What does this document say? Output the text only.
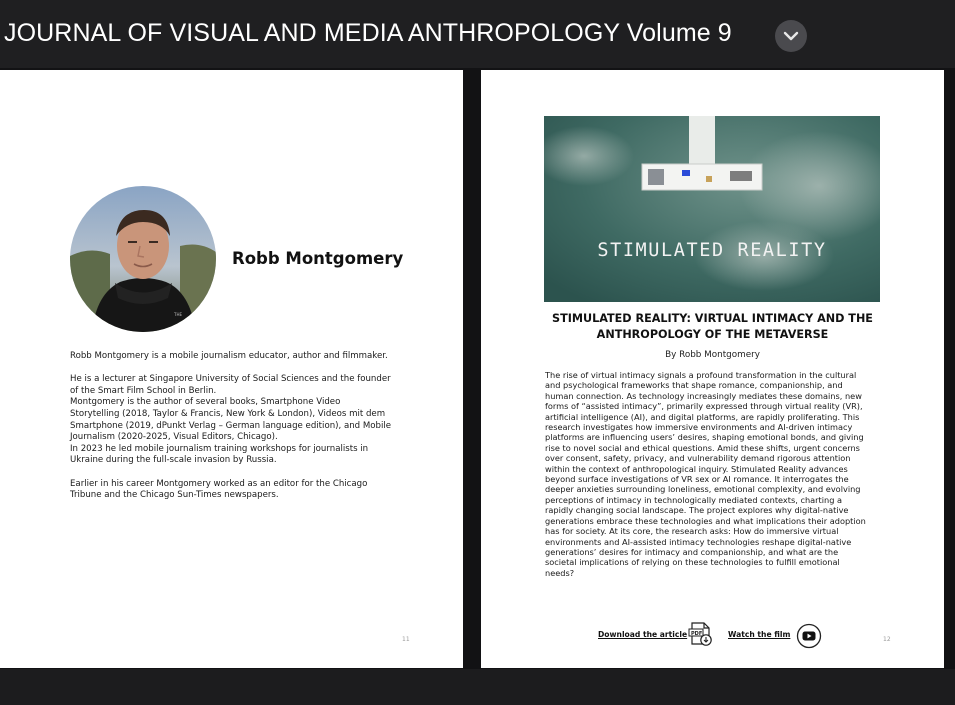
JOURNAL OF VISUAL AND MEDIA ANTHROPOLOGY Volume 9
THE
Robb Montgomery

Robb Montgomery is a mobile journalism educator, author and filmmaker.

He is a lecturer at Singapore University of Social Sciences and the founder
of the Smart Film School in Berlin.
Montgomery is the author of several books, Smartphone Video
Storytelling (2018, Taylor & Francis, New York & London), Videos mit dem
Smartphone (2019, dPunkt Verlag – German language edition), and Mobile
Journalism (2020-2025, Visual Editors, Chicago).
In 2023 he led mobile journalism training workshops for journalists in
Ukraine during the full-scale invasion by Russia.

Earlier in his career Montgomery worked as an editor for the Chicago
Tribune and the Chicago Sun-Times newspapers.

11
STIMULATED REALITY
STIMULATED REALITY: VIRTUAL INTIMACY AND THE ANTHROPOLOGY OF THE METAVERSE
By Robb Montgomery
The rise of virtual intimacy signals a profound transformation in the cultural
and psychological frameworks that shape romance, companionship, and
human connection. As technology increasingly mediates these domains, new
forms of “assisted intimacy”, primarily expressed through virtual reality (VR),
artificial intelligence (AI), and digital platforms, are rapidly proliferating. This
research investigates how immersive environments and AI-driven intimacy
platforms are influencing users’ desires, shaping emotional bonds, and giving
rise to novel social and ethical questions. Amid these shifts, urgent concerns
over consent, safety, privacy, and vulnerability demand rigorous attention
within the context of anthropological inquiry. Stimulated Reality advances
beyond surface investigations of VR sex or AI romance. It interrogates the
deeper anxieties surrounding loneliness, emotional complexity, and evolving
perceptions of intimacy in technologically mediated contexts, charting a
rapidly changing social landscape. The project explores why digital-native
generations embrace these technologies and what implications their adoption
has for society. At its core, the research asks: How do immersive virtual
environments and AI-assisted intimacy technologies reshape digital-native
generations’ desires for intimacy and companionship, and what are the
societal implications of relying on these technologies to fulfill emotional
needs?
Download the article PDF	Watch the film
12
